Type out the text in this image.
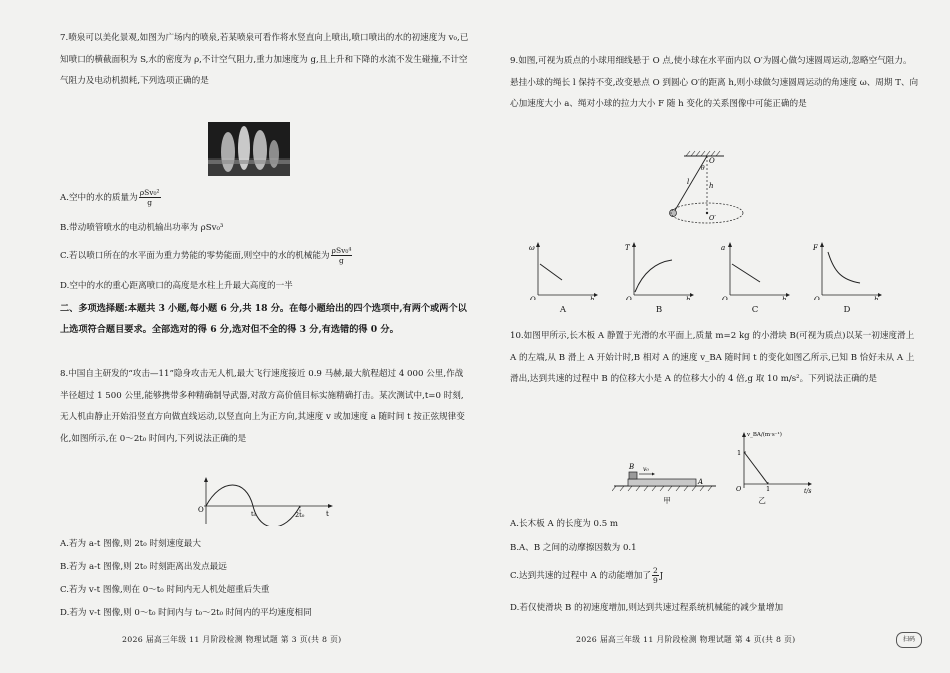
7.喷泉可以美化景观,如图为广场内的喷泉,若某喷泉可看作将水竖直向上喷出,喷口喷出的水的初速度为 v₀,已知喷口的横截面积为 S,水的密度为 ρ,不计空气阻力,重力加速度为 g,且上升和下降的水流不发生碰撞,不计空气阻力及电动机损耗,下列选项正确的是
A.空中的水的质量为 $\frac{\text{ρSv₀²}}{g}$
B.带动喷管喷水的电动机输出功率为 ρSv₀³
C.若以喷口所在的水平面为重力势能的零势能面,则空中的水的机械能为 $\frac{\text{ρSv₀⁴}}{g}$
D.空中的水的重心距离喷口的高度是水柱上升最大高度的一半
二、多项选择题:本题共 3 小题,每小题 6 分,共 18 分。在每小题给出的四个选项中,有两个或两个以上选项符合题目要求。全部选对的得 6 分,选对但不全的得 3 分,有选错的得 0 分。
8.中国自主研发的“攻击—11”隐身攻击无人机,最大飞行速度接近 0.9 马赫,最大航程超过 4 000 公里,作战半径超过 1 500 公里,能够携带多种精确制导武器,对敌方高价值目标实施精确打击。某次测试中,t=0 时刻,无人机由静止开始沿竖直方向做直线运动,以竖直向上为正方向,其速度 v 或加速度 a 随时间 t 按正弦规律变化,如图所示,在 0～2t₀ 时间内,下列说法正确的是
O	t₀	2t₀	t
A.若为 a-t 图像,则 2t₀ 时刻速度最大
B.若为 a-t 图像,则 2t₀ 时刻距离出发点最远
C.若为 v-t 图像,则在 0～t₀ 时间内无人机处超重后失重
D.若为 v-t 图像,则 0～t₀ 时间内与 t₀～2t₀ 时间内的平均速度相同
2026 届高三年级 11 月阶段检测 物理试题 第 3 页(共 8 页)
9.如图,可视为质点的小球用细线悬于 O 点,使小球在水平面内以 O′为圆心做匀速圆周运动,忽略空气阻力。悬挂小球的绳长 l 保持不变,改变悬点 O 到圆心 O′的距离 h,则小球做匀速圆周运动的角速度 ω、周期 T、向心加速度大小 a、绳对小球的拉力大小 F 随 h 变化的关系图像中可能正确的是
O
θ
l	h
O′
ω
O	h
A
T
O	h
B
a
O	h
C
F
O	h
D
10.如图甲所示,长木板 A 静置于光滑的水平面上,质量 m=2 kg 的小滑块 B(可视为质点)以某一初速度滑上 A 的左端,从 B 滑上 A 开始计时,B 相对 A 的速度 v_BA 随时间 t 的变化如图乙所示,已知 B 恰好未从 A 上滑出,达到共速的过程中 B 的位移大小是 A 的位移大小的 4 倍,g 取 10 m/s²。下列说法正确的是
B v₀
A
甲
v_BA/(m·s⁻¹)
1
1
O	t/s
乙
A.长木板 A 的长度为 0.5 m
B.A、B 之间的动摩擦因数为 0.1
C.达到共速的过程中 A 的动能增加了 $\frac{2}{9}$ J
D.若仅使滑块 B 的初速度增加,则达到共速过程系统机械能的减少量增加
2026 届高三年级 11 月阶段检测 物理试题 第 4 页(共 8 页)	扫码
